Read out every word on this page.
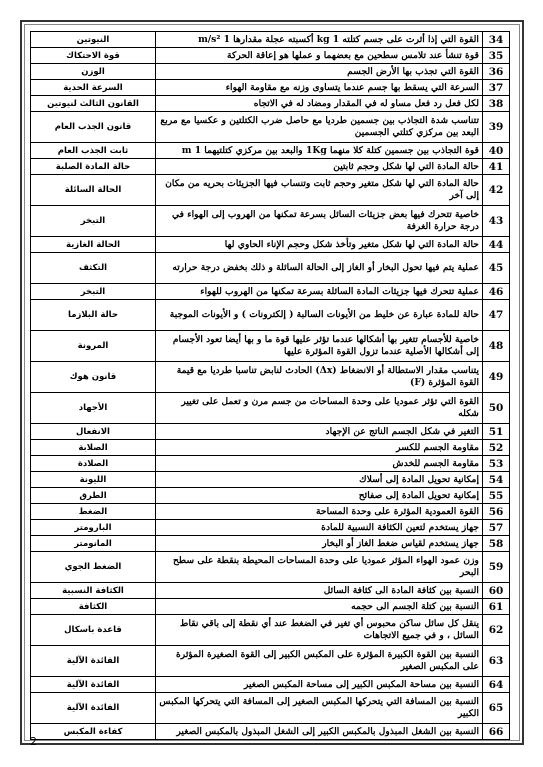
النيوتين	القوة التي إذا أثرت على جسم كتلته 1 kg أكسبته عجلة مقدارها 1 m/s²	34
قوة الاحتكاك	قوة تنشأ عند تلامس سطحين مع بعضهما و عملها هو إعاقة الحركة	35
الوزن	القوة التي تجذب بها الأرض الجسم	36
السرعة الحدية	السرعة التي يسقط بها جسم عندما يتساوى وزنه مع مقاومة الهواء	37
القانون الثالث لنيوتين	لكل فعل رد فعل مساو له في المقدار ومضاد له في الاتجاه	38
قانون الجذب العام	تتناسب شدة التجاذب بين جسمين طرديا مع حاصل ضرب الكتلتين و عكسيا مع مربع البعد بين مركزي كتلتي الجسمين	39
ثابت الجذب العام	قوة التجاذب بين جسمين كتلة كلا منهما 1Kg والبعد بين مركزي كتلتيهما 1 m	40
حالة المادة الصلبة	حالة المادة التي لها شكل وحجم ثابتين	41
الحالة السائلة	حالة المادة التي لها شكل متغير وحجم ثابت وتنساب فيها الجزيئات بحريه من مكان إلى آخر	42
التبخر	خاصية تتحرك فيها بعض جزيئات السائل بسرعة تمكنها من الهروب إلى الهواء في درجة حرارة الغرفة	43
الحالة الغازية	حالة المادة التي لها شكل متغير وتأخذ شكل وحجم الإناء الحاوي لها	44
التكثف	عملية يتم فيها تحول البخار أو الغاز إلى الحالة السائلة و ذلك بخفض درجة حرارته	45
التبخر	عملية تتحرك فيها جزيئات المادة السائلة بسرعة تمكنها من الهروب للهواء	46
حالة البلازما	حالة للمادة عبارة عن خليط من الأيونات السالبة ( إلكترونات ) و الأيونات الموجبة	47
المرونة	خاصية للأجسام تتغير بها أشكالها عندما تؤثر عليها قوة ما و بها أيضا تعود الأجسام إلى أشكالها الأصلية عندما تزول القوة المؤثرة عليها	48
قانون هوك	يتناسب مقدار الاستطالة أو الانضغاط (Δx) الحادث لنابض تناسبا طرديا مع قيمة القوة المؤثرة (F)	49
الأجهاد	القوة التي تؤثر عموديا على وحدة المساحات من جسم مرن و تعمل على تغيير شكله	50
الانفعال	التغير في شكل الجسم الناتج عن الإجهاد	51
الصلابة	مقاومة الجسم للكسر	52
الصلادة	مقاومة الجسم للخدش	53
الليونة	إمكانية تحويل المادة إلى أسلاك	54
الطرق	إمكانية تحويل المادة إلى صفائح	55
الضغط	القوة العمودية المؤثرة على وحدة المساحة	56
البارومتر	جهاز يستخدم لتعين الكثافة النسبية للمادة	57
المانومتر	جهاز يستخدم لقياس ضغط الغاز أو البخار	58
الضغط الجوي	وزن عمود الهواء المؤثر عموديا على وحدة المساحات المحيطة بنقطة على سطح البحر	59
الكثافة النسبية	النسبة بين كثافة المادة الى كثافة السائل	60
الكثافة	النسبة بين كتلة الجسم الى حجمه	61
قاعدة باسكال	ينقل كل سائل ساكن محبوس أي تغير في الضغط عند أي نقطة إلى باقي نقاط السائل ، و في جميع الاتجاهات	62
الفائدة الآلية	النسبة بين القوة الكبيرة المؤثرة على المكبس الكبير إلى القوة الصغيرة المؤثرة على المكبس الصغير	63
الفائدة الآلية	النسبة بين مساحة المكبس الكبير إلى مساحة المكبس الصغير	64
الفائدة الآلية	النسبة بين المسافة التي يتحركها المكبس الصغير إلى المسافة التي يتحركها المكبس الكبير	65
كفاءة المكبس	النسبة بين الشغل المبذول بالمكبس الكبير إلى الشغل المبذول بالمكبس الصغير	66
2
